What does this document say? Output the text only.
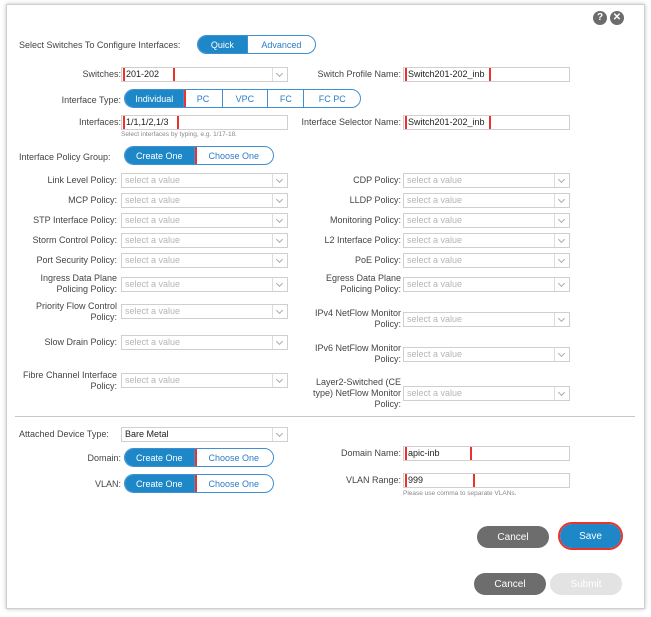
? ✕
Select Switches To Configure Interfaces:	Quick	Advanced
Switches: 201-202	Switch Profile Name: Switch201-202_inb
Interface Type:	Individual	PC	VPC	FC	FC PC
Interfaces: 1/1,1/2,1/3
Select interfaces by typing, e.g. 1/17-18.
Interface Selector Name: Switch201-202_inb
Interface Policy Group:	Create One	Choose One
Link Level Policy: select a value
MCP Policy: select a value
STP Interface Policy: select a value
Storm Control Policy: select a value
Port Security Policy: select a value
Ingress Data Plane Policing Policy: select a value
Priority Flow Control Policy:
select a value
Slow Drain Policy: select a value
Fibre Channel Interface Policy:
select a value
CDP Policy: select a value
LLDP Policy: select a value
Monitoring Policy: select a value
L2 Interface Policy: select a value
PoE Policy: select a value
Egress Data Plane Policing Policy: select a value
IPv4 NetFlow Monitor Policy: select a value
IPv6 NetFlow Monitor Policy: select a value
Layer2-Switched (CE type) NetFlow Monitor Policy:
select a value
Attached Device Type:	Bare Metal
Domain:	Create One	Choose One
VLAN:	Create One	Choose One
Domain Name: apic-inb
VLAN Range: 999
Please use comma to separate VLANs.
Cancel	Save
Cancel	Submit
